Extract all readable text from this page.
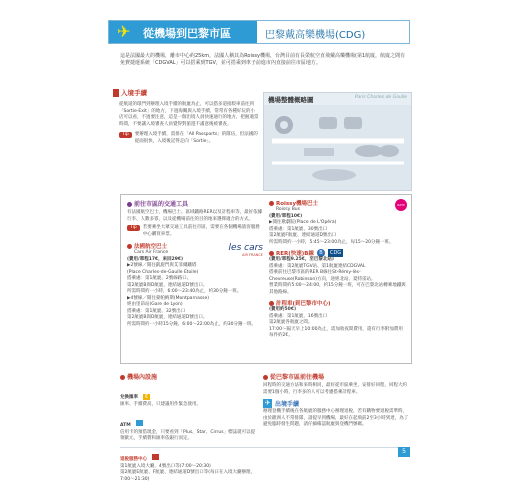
✈	從機場到巴黎市區	巴黎戴高樂機場(CDG)
這是法國最大的機場，離市中心約25km，法國人稱其為Roissy機場，台灣目前有長榮航空直飛戴高樂機場(第1航廈，航廈之間有免費捷運系統「CDGVAL」可以搭乘到TGV，並可搭乘到車子前進市內直接前往市區地方。
入境手續
從航道的環門到辦理入境手續的航廈為止，可以搭多道接駁車前往到「Sortie-Exit」的地方，下過海關與入境手續，常常有各種好玩的小店可以看，不過要注意，這是一個出境人員快速通行的地方，把握適當時間，不要讓入境審查人員覺得對旅遊不滿意後被審查。
Tip	要辦理入境手續，需排在「All Passports」的隊伍，但法國的從面很快，入境後記得走向「Sortie」。
機場整體概略圖	Paris Charles de Gaulle
前往市區的交通工具
有法國航空巴士、機場巴士、區域鐵路RER以及計程車等，最好依據行李、人數多寡，以及從機場前往的目的地來選擇適合的方式。
Tip	若要乘坐大眾交通工具前往市區，需要在各個機場旅客服務中心購買車票。
法國航空巴士
Cars Air France	les cars
AIR FRANCE
(費用/單程17€，來回29€)
▶2號線／開往凱旋門與艾菲爾鐵塔
(Place Charles-de-Gaulle Etoile)
搭乘處：第1航廈、2號線路口、
第2航廈B與D航廈，連結通道D號出口。
所需時間約一小時，6:00～23:40為止，約30分鐘一班。
▶4號線／開往蒙帕納斯(Montparnasse)
經由里昂站(Gare de Lyon)
搭乘處：第1航廈、32號出口
第2航廈B與D航廈，連結通道D號出口。
所需時間約一小時15分鐘，6:00～22:00為止，約30分鐘一班。
Roissy機場巴士
Roissy Bus
RATP
(費用/單程10€)
▶開往歌劇院(Place de L'Opéra)
搭乘處：第1航廈、30號出口
第2航廈F航廈、連結通道D號出口
所需時間約一小時，5:45～23:00為止，每15～20分鐘一班。
RER(快速)B線	B	CDG
(費用/單程9.25€，至巴黎北站)
搭乘處：第2航廈TGV站、第1航廈連結CDGVAL
搭乘前往巴黎市區的RER B線往St-Rémy-lès-Chevreuse(Robinson)方向，途經北站、夏特雷站。
營業時間約5:00～24:00，約15分鐘一班，可在巴黎北站轉乘地鐵與其他路線。
計程車(到巴黎市中心)
(費用約50€)
搭乘處：第1航廈，16號出口
第2航廈各航廈之間。
17:00～隔天早上10:00為止，需加收夜間費用，還有行李附加費用每件約2€。
機場內設施
兌換匯率 €
匯率、手續費高，只建議用作緊急使用。
ATM
信用卡的預借現金，只要看到「Plus、Star、Cirrus」標誌就可以提領歐元，手續費和匯率依銀行而定。
退稅服務中心
第1航廈入境大廳，4號出口等(7:00～20:30)
第2航廈E航廈、F航廈、連結通道D號出口等(每日在入境大廳辦理，7:00～21:30)
從巴黎市區前往機場
回程時的交通方法和來時相同，最好從市區乘坐、安排好回程，回程大約需要1個小時，行李多的人可以考慮搭乘計程車。
✈ 出境手續
辦理登機手續後在各航廈的服務中心辦理退稅，若有購物要退稅需準時，由於歐洲人不常排隊，請提早到機場，最好在起飛前2至3小時到達，為了避免臨時發生問題，請仔細確認航廈與登機門號碼。
5
